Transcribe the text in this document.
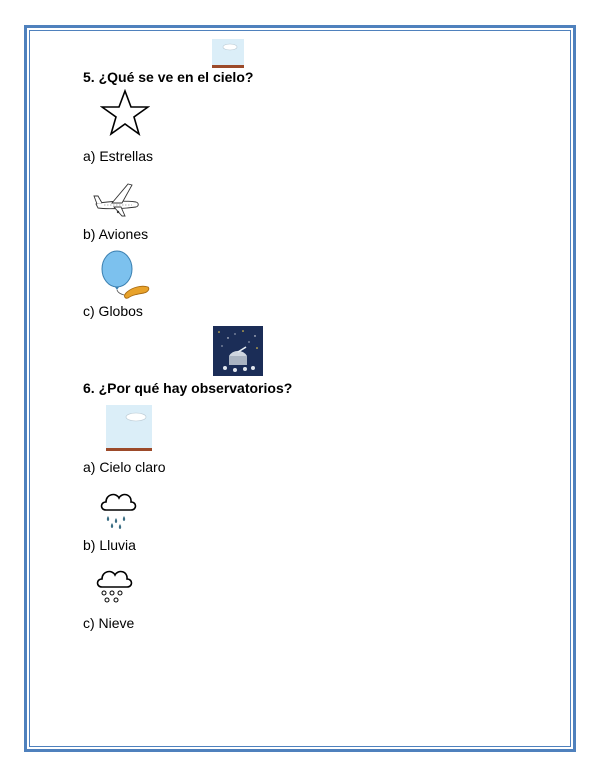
5. ¿Qué se ve en el cielo?
a) Estrellas
b) Aviones
c) Globos
6. ¿Por qué hay observatorios?
a) Cielo claro
b) Lluvia
c) Nieve
